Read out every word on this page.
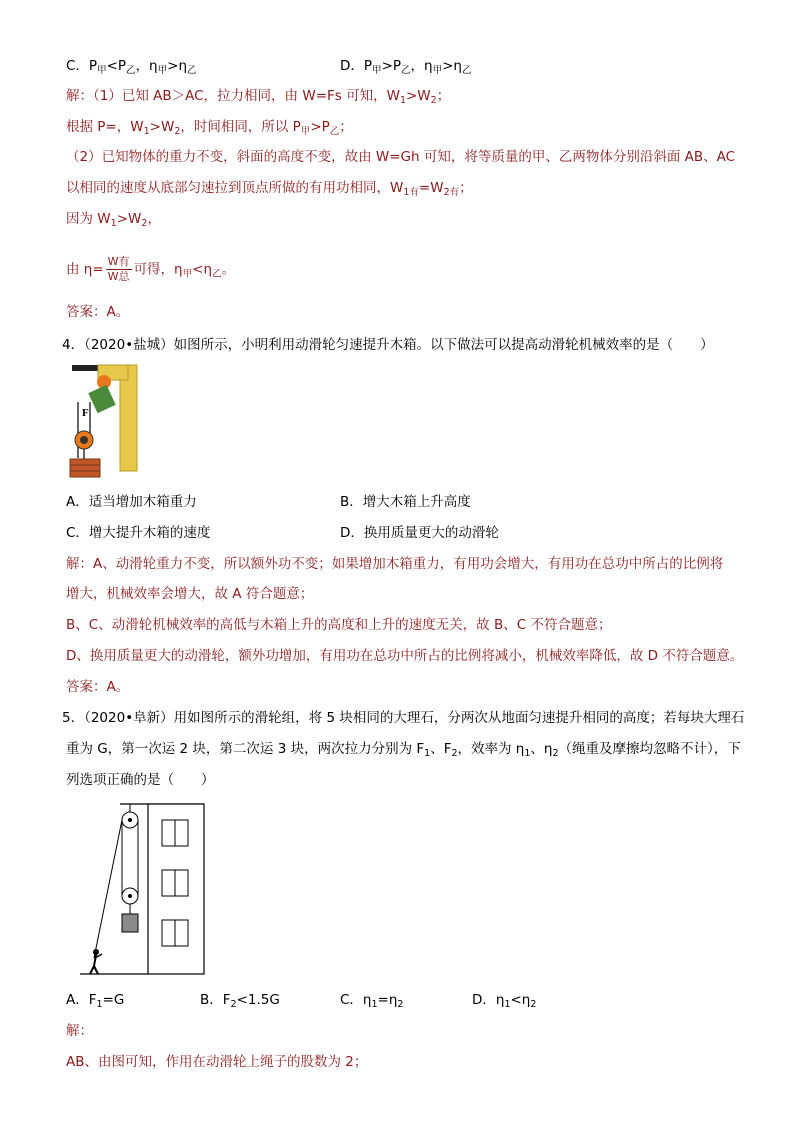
C．$P_甲<P_乙$，$\eta_甲>\eta_乙$	D．$P_甲>P_乙$，$\eta_甲>\eta_乙$
解：（1）已知 AB＞AC，拉力相同，由 W=Fs 可知，$W_1>W_2$；
根据 P=，$W_1>W_2$，时间相同，所以 $P_甲>P_乙$；
（2）已知物体的重力不变，斜面的高度不变，故由 W=Gh 可知，将等质量的甲、乙两物体分别沿斜面 AB、AC
以相同的速度从底部匀速拉到顶点所做的有用功相同，$W_{1有}=W_{2有}$；
因为 $W_1>W_2$，
由 $\eta= \frac{\text{W有}}{\text{W总}}$ 可得，$\eta_甲<\eta_乙$。
答案：A。
4．（2020•盐城）如图所示，小明利用动滑轮匀速提升木箱。以下做法可以提高动滑轮机械效率的是（　　）
F
A．适当增加木箱重力	B．增大木箱上升高度
C．增大提升木箱的速度	D．换用质量更大的动滑轮
解：A、动滑轮重力不变，所以额外功不变；如果增加木箱重力，有用功会增大，有用功在总功中所占的比例将
增大，机械效率会增大，故 A 符合题意；
B、C、动滑轮机械效率的高低与木箱上升的高度和上升的速度无关，故 B、C 不符合题意；
D、换用质量更大的动滑轮，额外功增加，有用功在总功中所占的比例将减小，机械效率降低，故 D 不符合题意。
答案：A。
5．（2020•阜新）用如图所示的滑轮组，将 5 块相同的大理石，分两次从地面匀速提升相同的高度；若每块大理石
重为 G，第一次运 2 块，第二次运 3 块，两次拉力分别为 $F_1$、$F_2$，效率为 $\eta_1$、$\eta_2$（绳重及摩擦均忽略不计），下
列选项正确的是（　　）
A．$F_1=G$	B．$F_2<1.5G$	C．$\eta_1=\eta_2$	D．$\eta_1<\eta_2$
解：
AB、由图可知，作用在动滑轮上绳子的股数为 2；
